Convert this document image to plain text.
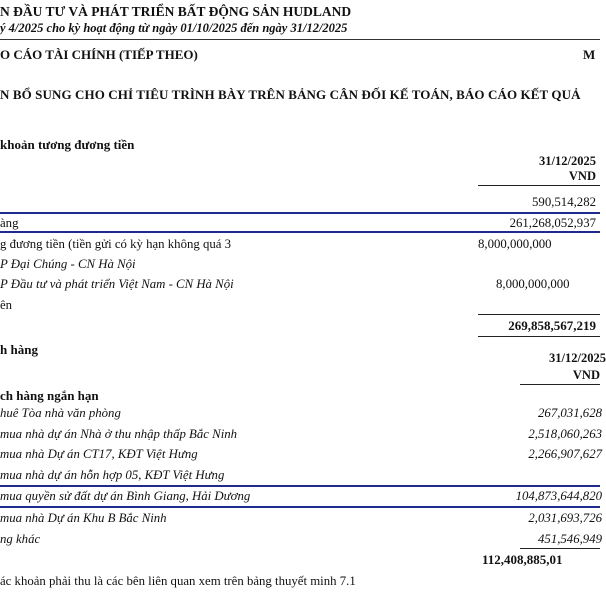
N ĐẦU TƯ VÀ PHÁT TRIỂN BẤT ĐỘNG SẢN HUDLAND
ý 4/2025 cho kỳ hoạt động từ ngày 01/10/2025 đến ngày 31/12/2025
O CÁO TÀI CHÍNH (TIẾP THEO)	M
N BỔ SUNG CHO CHỈ TIÊU TRÌNH BÀY TRÊN BẢNG CÂN ĐỐI KẾ TOÁN, BÁO CÁO KẾT QUẢ
khoản tương đương tiền
31/12/2025
VND
590,514,282
àng	261,268,052,937
g đương tiền (tiền gửi có kỳ hạn không quá 3	8,000,000,000
P Đại Chúng - CN Hà Nội
P Đầu tư và phát triển Việt Nam - CN Hà Nội	8,000,000,000
ên
269,858,567,219
h hàng
31/12/2025
VND
ch hàng ngắn hạn
huê Tòa nhà văn phòng	267,031,628
mua nhà dự án Nhà ở thu nhập thấp Bắc Ninh	2,518,060,263
mua nhà Dự án CT17, KĐT Việt Hưng	2,266,907,627
mua nhà dự án hỗn hợp 05, KĐT Việt Hưng
mua quyền sử đất dự án Bình Giang, Hải Dương	104,873,644,820
mua nhà Dự án Khu B Bắc Ninh	2,031,693,726
ng khác	451,546,949
112,408,885,01
ác khoản phải thu là các bên liên quan xem trên bảng thuyết minh 7.1
